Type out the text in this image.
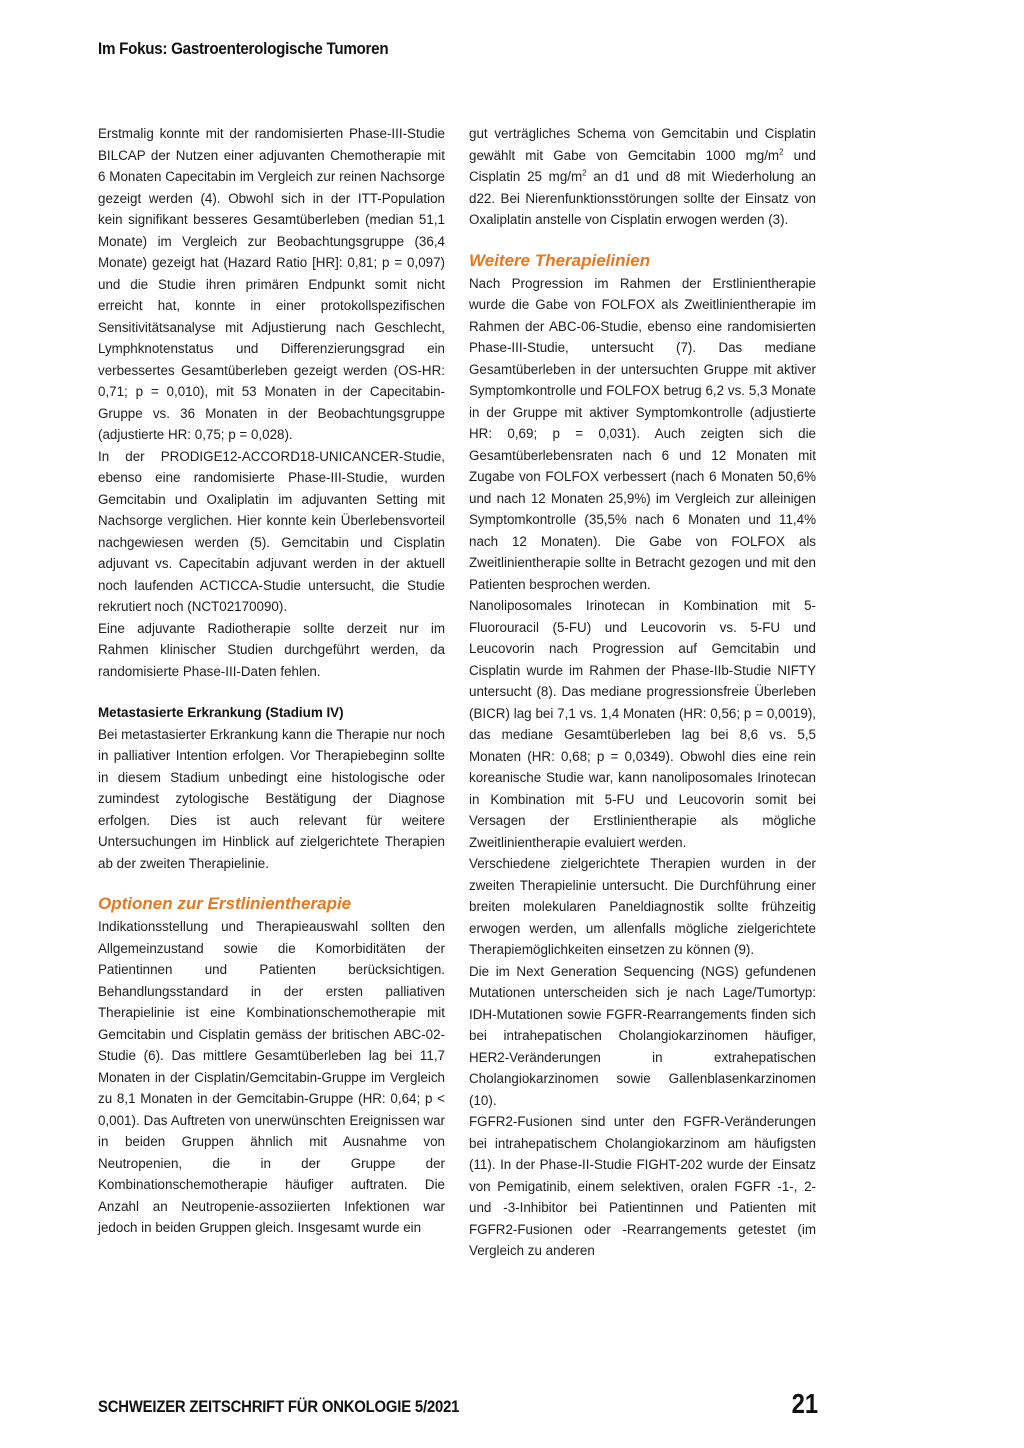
Im Fokus: Gastroenterologische Tumoren

Erstmalig konnte mit der randomisierten Phase-III-Studie BILCAP der Nutzen einer adjuvanten Chemotherapie mit 6 Monaten Capecitabin im Vergleich zur reinen Nachsorge gezeigt werden (4). Obwohl sich in der ITT-Population kein signifikant besseres Gesamtüberleben (median 51,1 Monate) im Vergleich zur Beobachtungsgruppe (36,4 Monate) gezeigt hat (Hazard Ratio [HR]: 0,81; p = 0,097) und die Studie ihren primären Endpunkt somit nicht erreicht hat, konnte in einer protokollspezifischen Sensitivitätsanalyse mit Adjustierung nach Geschlecht, Lymphknotenstatus und Differenzierungsgrad ein verbessertes Gesamtüberleben gezeigt werden (OS-HR: 0,71; p = 0,010), mit 53 Monaten in der Capecitabin-Gruppe vs. 36 Monaten in der Beobachtungsgruppe (adjustierte HR: 0,75; p = 0,028).

In der PRODIGE12-ACCORD18-UNICANCER-Studie, ebenso eine randomisierte Phase-III-Studie, wurden Gemcitabin und Oxaliplatin im adjuvanten Setting mit Nachsorge verglichen. Hier konnte kein Überlebensvorteil nachgewiesen werden (5). Gemcitabin und Cisplatin adjuvant vs. Capecitabin adjuvant werden in der aktuell noch laufenden ACTICCA-Studie untersucht, die Studie rekrutiert noch (NCT02170090).

Eine adjuvante Radiotherapie sollte derzeit nur im Rahmen klinischer Studien durchgeführt werden, da randomisierte Phase-III-Daten fehlen.

Metastasierte Erkrankung (Stadium IV)

Bei metastasierter Erkrankung kann die Therapie nur noch in palliativer Intention erfolgen. Vor Therapiebeginn sollte in diesem Stadium unbedingt eine histologische oder zumindest zytologische Bestätigung der Diagnose erfolgen. Dies ist auch relevant für weitere Untersuchungen im Hinblick auf zielgerichtete Therapien ab der zweiten Therapielinie.

Optionen zur Erstlinientherapie

Indikationsstellung und Therapieauswahl sollten den Allgemeinzustand sowie die Komorbiditäten der Patientinnen und Patienten berücksichtigen. Behandlungsstandard in der ersten palliativen Therapielinie ist eine Kombinationschemotherapie mit Gemcitabin und Cisplatin gemäss der britischen ABC-02-Studie (6). Das mittlere Gesamtüberleben lag bei 11,7 Monaten in der Cisplatin/Gemcitabin-Gruppe im Vergleich zu 8,1 Monaten in der Gemcitabin-Gruppe (HR: 0,64; p < 0,001). Das Auftreten von unerwünschten Ereignissen war in beiden Gruppen ähnlich mit Ausnahme von Neutropenien, die in der Gruppe der Kombinationschemotherapie häufiger auftraten. Die Anzahl an Neutropenie-assoziierten Infektionen war jedoch in beiden Gruppen gleich. Insgesamt wurde ein

gut verträgliches Schema von Gemcitabin und Cisplatin gewählt mit Gabe von Gemcitabin 1000 $mg/m^2$ und Cisplatin 25 $mg/m^2$ an d1 und d8 mit Wiederholung an d22. Bei Nierenfunktionsstörungen sollte der Einsatz von Oxaliplatin anstelle von Cisplatin erwogen werden (3).

Weitere Therapielinien

Nach Progression im Rahmen der Erstlinientherapie wurde die Gabe von FOLFOX als Zweitlinientherapie im Rahmen der ABC-06-Studie, ebenso eine randomisierten Phase-III-Studie, untersucht (7). Das mediane Gesamtüberleben in der untersuchten Gruppe mit aktiver Symptomkontrolle und FOLFOX betrug 6,2 vs. 5,3 Monate in der Gruppe mit aktiver Symptomkontrolle (adjustierte HR: 0,69; p = 0,031). Auch zeigten sich die Gesamtüberlebensraten nach 6 und 12 Monaten mit Zugabe von FOLFOX verbessert (nach 6 Monaten 50,6% und nach 12 Monaten 25,9%) im Vergleich zur alleinigen Symptomkontrolle (35,5% nach 6 Monaten und 11,4% nach 12 Monaten). Die Gabe von FOLFOX als Zweitlinientherapie sollte in Betracht gezogen und mit den Patienten besprochen werden.

Nanoliposomales Irinotecan in Kombination mit 5-Fluorouracil (5-FU) und Leucovorin vs. 5-FU und Leucovorin nach Progression auf Gemcitabin und Cisplatin wurde im Rahmen der Phase-IIb-Studie NIFTY untersucht (8). Das mediane progressionsfreie Überleben (BICR) lag bei 7,1 vs. 1,4 Monaten (HR: 0,56; p = 0,0019), das mediane Gesamtüberleben lag bei 8,6 vs. 5,5 Monaten (HR: 0,68; p = 0,0349). Obwohl dies eine rein koreanische Studie war, kann nanoliposomales Irinotecan in Kombination mit 5-FU und Leucovorin somit bei Versagen der Erstlinientherapie als mögliche Zweitlinientherapie evaluiert werden.

Verschiedene zielgerichtete Therapien wurden in der zweiten Therapielinie untersucht. Die Durchführung einer breiten molekularen Paneldiagnostik sollte frühzeitig erwogen werden, um allenfalls mögliche zielgerichtete Therapiemöglichkeiten einsetzen zu können (9).

Die im Next Generation Sequencing (NGS) gefundenen Mutationen unterscheiden sich je nach Lage/Tumortyp: IDH-Mutationen sowie FGFR-Rearrangements finden sich bei intrahepatischen Cholangiokarzinomen häufiger, HER2-Veränderungen in extrahepatischen Cholangiokarzinomen sowie Gallenblasenkarzinomen (10).

FGFR2-Fusionen sind unter den FGFR-Veränderungen bei intrahepatischem Cholangiokarzinom am häufigsten (11). In der Phase-II-Studie FIGHT-202 wurde der Einsatz von Pemigatinib, einem selektiven, oralen FGFR -1-, 2- und -3-Inhibitor bei Patientinnen und Patienten mit FGFR2-Fusionen oder -Rearrangements getestet (im Vergleich zu anderen

SCHWEIZER ZEITSCHRIFT FÜR ONKOLOGIE 5/2021	21
